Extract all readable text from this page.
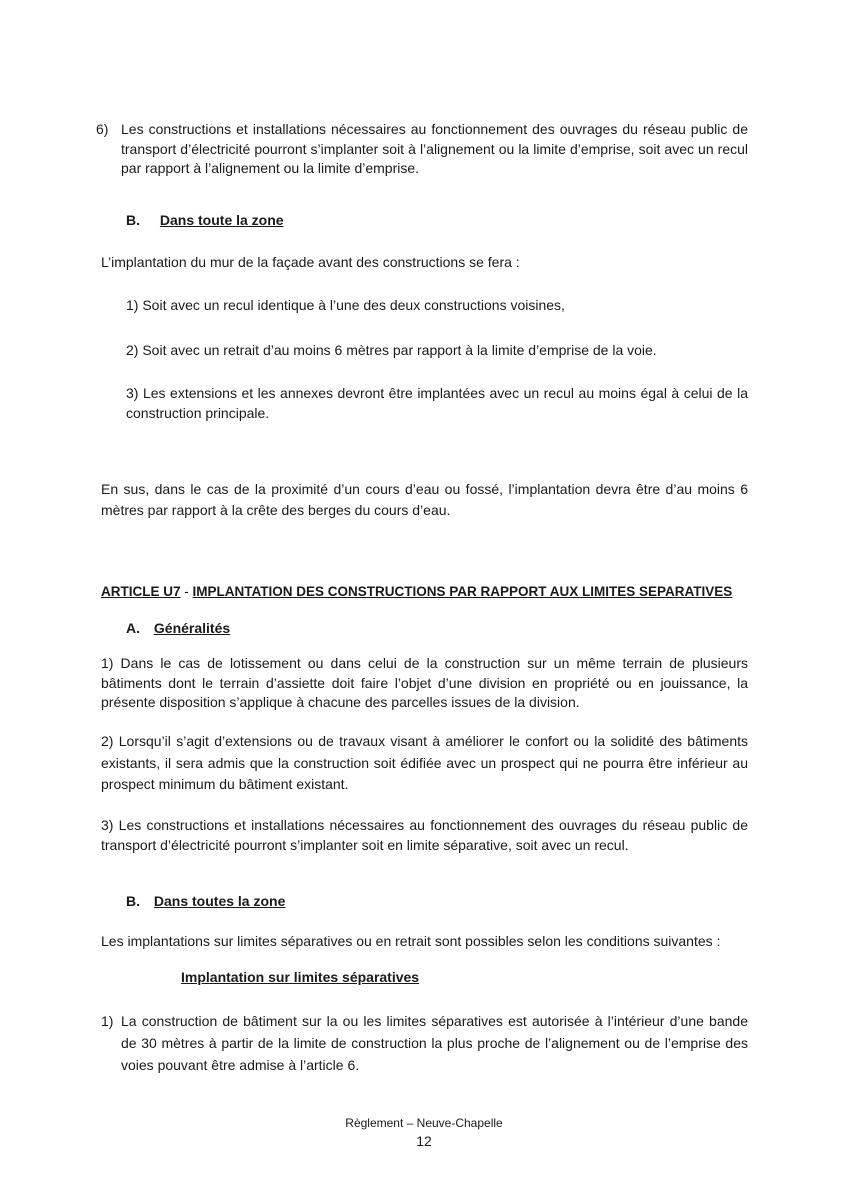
6) Les constructions et installations nécessaires au fonctionnement des ouvrages du réseau public de transport d’électricité pourront s’implanter soit à l’alignement ou la limite d’emprise, soit avec un recul par rapport à l’alignement ou la limite d’emprise.
B. Dans toute la zone
L’implantation du mur de la façade avant des constructions se fera :
1) Soit avec un recul identique à l’une des deux constructions voisines,
2) Soit avec un retrait d’au moins 6 mètres par rapport à la limite d’emprise de la voie.
3) Les extensions et les annexes devront être implantées avec un recul au moins égal à celui de la construction principale.
En sus, dans le cas de la proximité d’un cours d’eau ou fossé, l’implantation devra être d’au moins 6 mètres par rapport à la crête des berges du cours d’eau.
ARTICLE U7 - IMPLANTATION DES CONSTRUCTIONS PAR RAPPORT AUX LIMITES SEPARATIVES
A. Généralités
1) Dans le cas de lotissement ou dans celui de la construction sur un même terrain de plusieurs bâtiments dont le terrain d’assiette doit faire l’objet d’une division en propriété ou en jouissance, la présente disposition s’applique à chacune des parcelles issues de la division.
2) Lorsqu’il s’agit d’extensions ou de travaux visant à améliorer le confort ou la solidité des bâtiments existants, il sera admis que la construction soit édifiée avec un prospect qui ne pourra être inférieur au prospect minimum du bâtiment existant.
3) Les constructions et installations nécessaires au fonctionnement des ouvrages du réseau public de transport d’électricité pourront s’implanter soit en limite séparative, soit avec un recul.
B. Dans toutes la zone
Les implantations sur limites séparatives ou en retrait sont possibles selon les conditions suivantes :
Implantation sur limites séparatives
1) La construction de bâtiment sur la ou les limites séparatives est autorisée à l’intérieur d’une bande de 30 mètres à partir de la limite de construction la plus proche de l’alignement ou de l’emprise des voies pouvant être admise à l’article 6.
Règlement – Neuve-Chapelle
12
